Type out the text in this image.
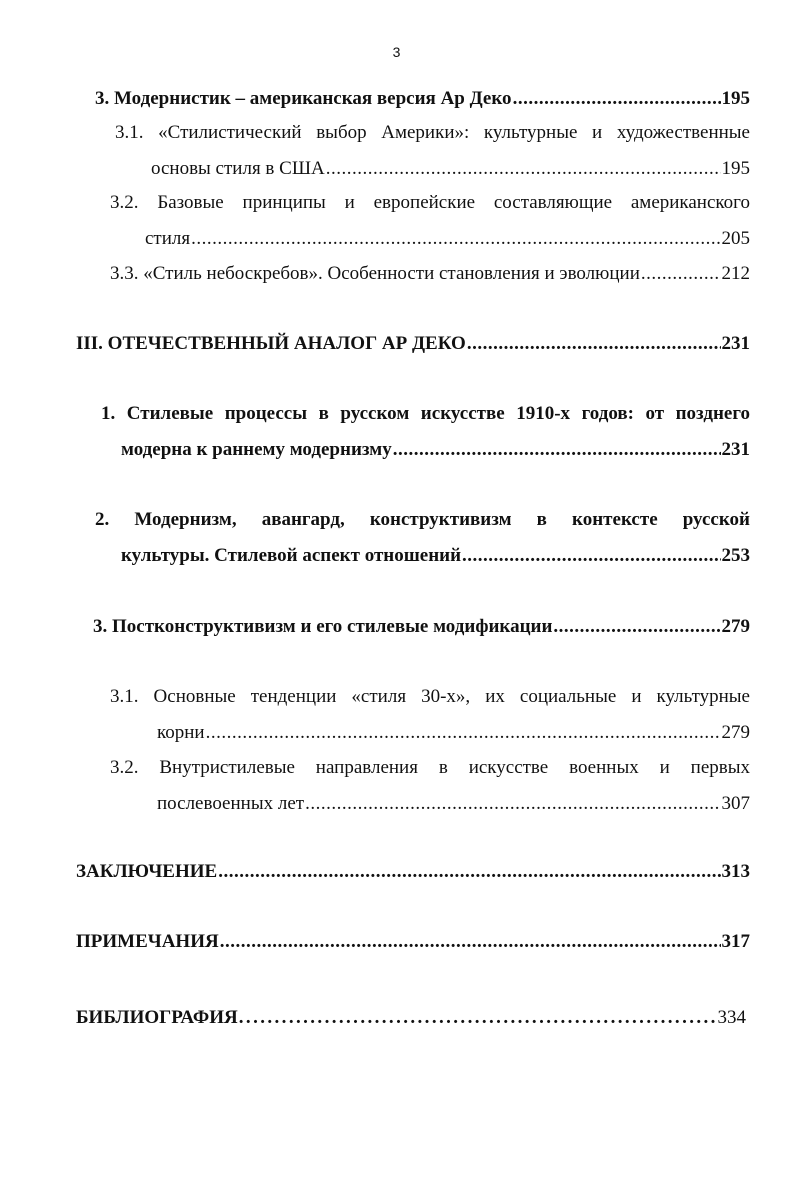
3
3. Модернистик – американская версия Ар Деко .....	195
3.1. «Стилистический выбор Америки»: культурные и художественные
основы стиля в США .....	195
3.2. Базовые принципы и европейские составляющие американского
стиля .....	205
3.3. «Стиль небоскребов». Особенности становления и эволюции .....	212
III. ОТЕЧЕСТВЕННЫЙ АНАЛОГ АР ДЕКО .....	231
1. Стилевые процессы в русском искусстве 1910-х годов: от позднего
модерна к раннему модернизму .....	231
2. Модернизм, авангард, конструктивизм в контексте русской
культуры. Стилевой аспект отношений .....	253
3. Постконструктивизм и его стилевые модификации .....	279
3.1. Основные тенденции «стиля 30-х», их социальные и культурные
корни .....	279
3.2. Внутристилевые направления в искусстве военных и первых
послевоенных лет .....	307
ЗАКЛЮЧЕНИЕ .....	313
ПРИМЕЧАНИЯ .....	317
БИБЛИОГРАФИЯ .....	334
